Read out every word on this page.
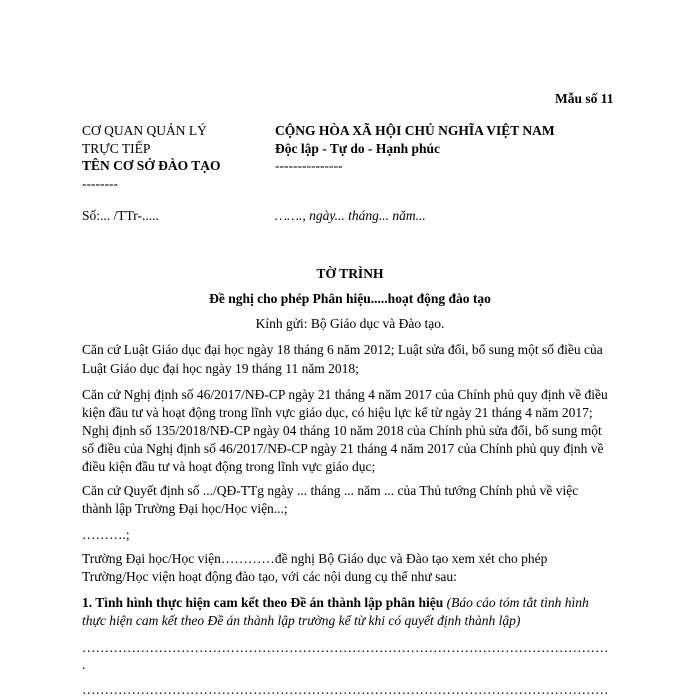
Mẫu số 11
CƠ QUAN QUẢN LÝ
TRỰC TIẾP
TÊN CƠ SỞ ĐÀO TẠO
--------
Số:... /TTr-.....
CỘNG HÒA XÃ HỘI CHỦ NGHĨA VIỆT NAM
Độc lập - Tự do - Hạnh phúc
---------------
……., ngày... tháng... năm...
TỜ TRÌNH
Đề nghị cho phép Phân hiệu.....hoạt động đào tạo
Kính gửi: Bộ Giáo dục và Đào tạo.
Căn cứ Luật Giáo dục đại học ngày 18 tháng 6 năm 2012; Luật sửa đổi, bổ sung một số điều của
Luật Giáo dục đại học ngày 19 tháng 11 năm 2018;
Căn cứ Nghị định số 46/2017/NĐ-CP ngày 21 tháng 4 năm 2017 của Chính phủ quy định về điều
kiện đầu tư và hoạt động trong lĩnh vực giáo dục, có hiệu lực kể từ ngày 21 tháng 4 năm 2017;
Nghị định số 135/2018/NĐ-CP ngày 04 tháng 10 năm 2018 của Chính phủ sửa đổi, bổ sung một
số điều của Nghị định số 46/2017/NĐ-CP ngày 21 tháng 4 năm 2017 của Chính phủ quy định về
điều kiện đầu tư và hoạt động trong lĩnh vực giáo dục;
Căn cứ Quyết định số .../QĐ-TTg ngày ... tháng ... năm ... của Thủ tướng Chính phủ về việc
thành lập Trường Đại học/Học viện...;
……….;
Trường Đại học/Học viện…………đề nghị Bộ Giáo dục và Đào tạo xem xét cho phép
Trường/Học viện hoạt động đào tạo, với các nội dung cụ thể như sau:
1. Tình hình thực hiện cam kết theo Đề án thành lập phân hiệu (Báo cáo tóm tắt tình hình
thực hiện cam kết theo Đề án thành lập trường kể từ khi có quyết định thành lập)
………………………………………………………………………………………………………
.
………………………………………………………………………………………………………
